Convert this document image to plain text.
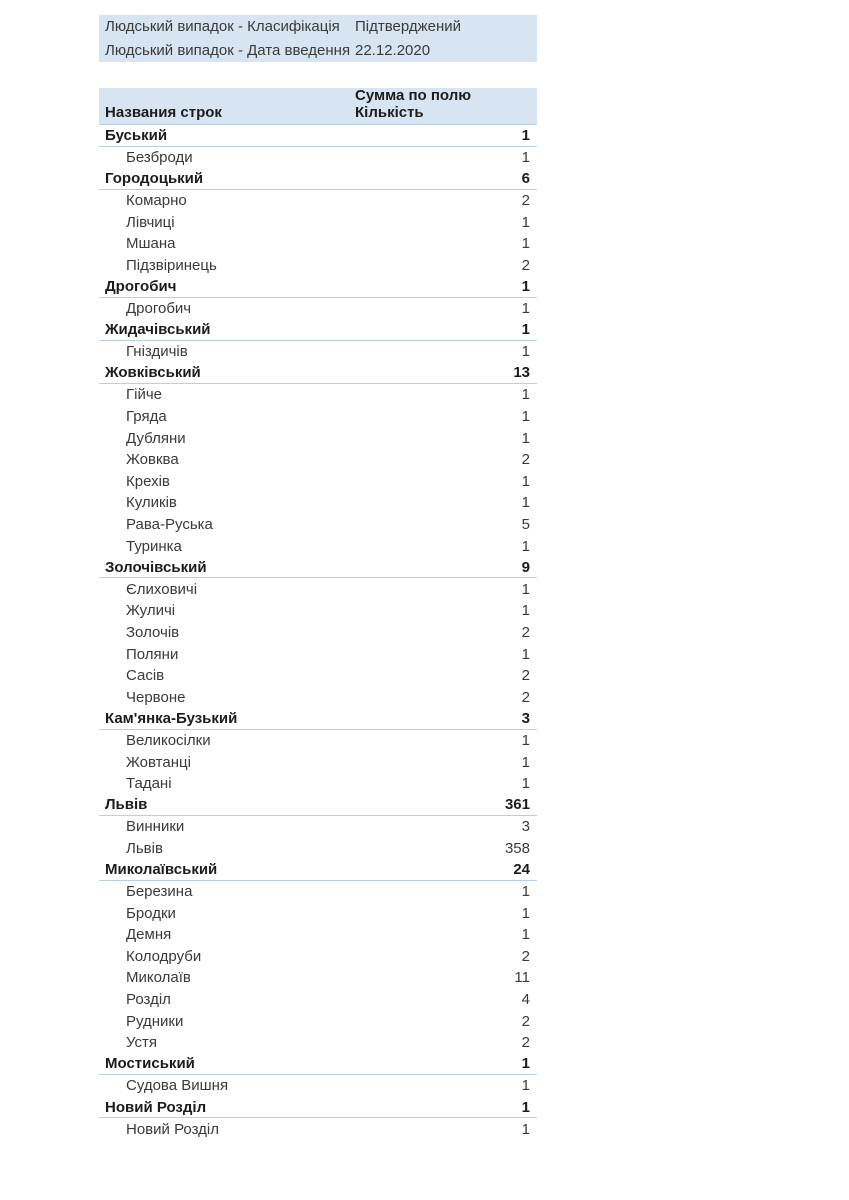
Людський випадок - Класифікація	Підтверджений
Людський випадок - Дата введення 22.12.2020
Названия строк
Сумма по полю Кількість
Буський	1
Безброди	1
Городоцький	6
Комарно	2
Лівчиці	1
Мшана	1
Підзвіринець	2
Дрогобич	1
Дрогобич	1
Жидачівський	1
Гніздичів	1
Жовківський	13
Гійче	1
Гряда	1
Дубляни	1
Жовква	2
Крехів	1
Куликів	1
Рава-Руська	5
Туринка	1
Золочівський	9
Єлиховичі	1
Жуличі	1
Золочів	2
Поляни	1
Сасів	2
Червоне	2
Кам'янка-Бузький	3
Великосілки	1
Жовтанці	1
Тадані	1
Львів	361
Винники	3
Львів	358
Миколаївський	24
Березина	1
Бродки	1
Демня	1
Колодруби	2
Миколаїв	11
Розділ	4
Рудники	2
Устя	2
Мостиський	1
Судова Вишня	1
Новий Розділ	1
Новий Розділ	1
